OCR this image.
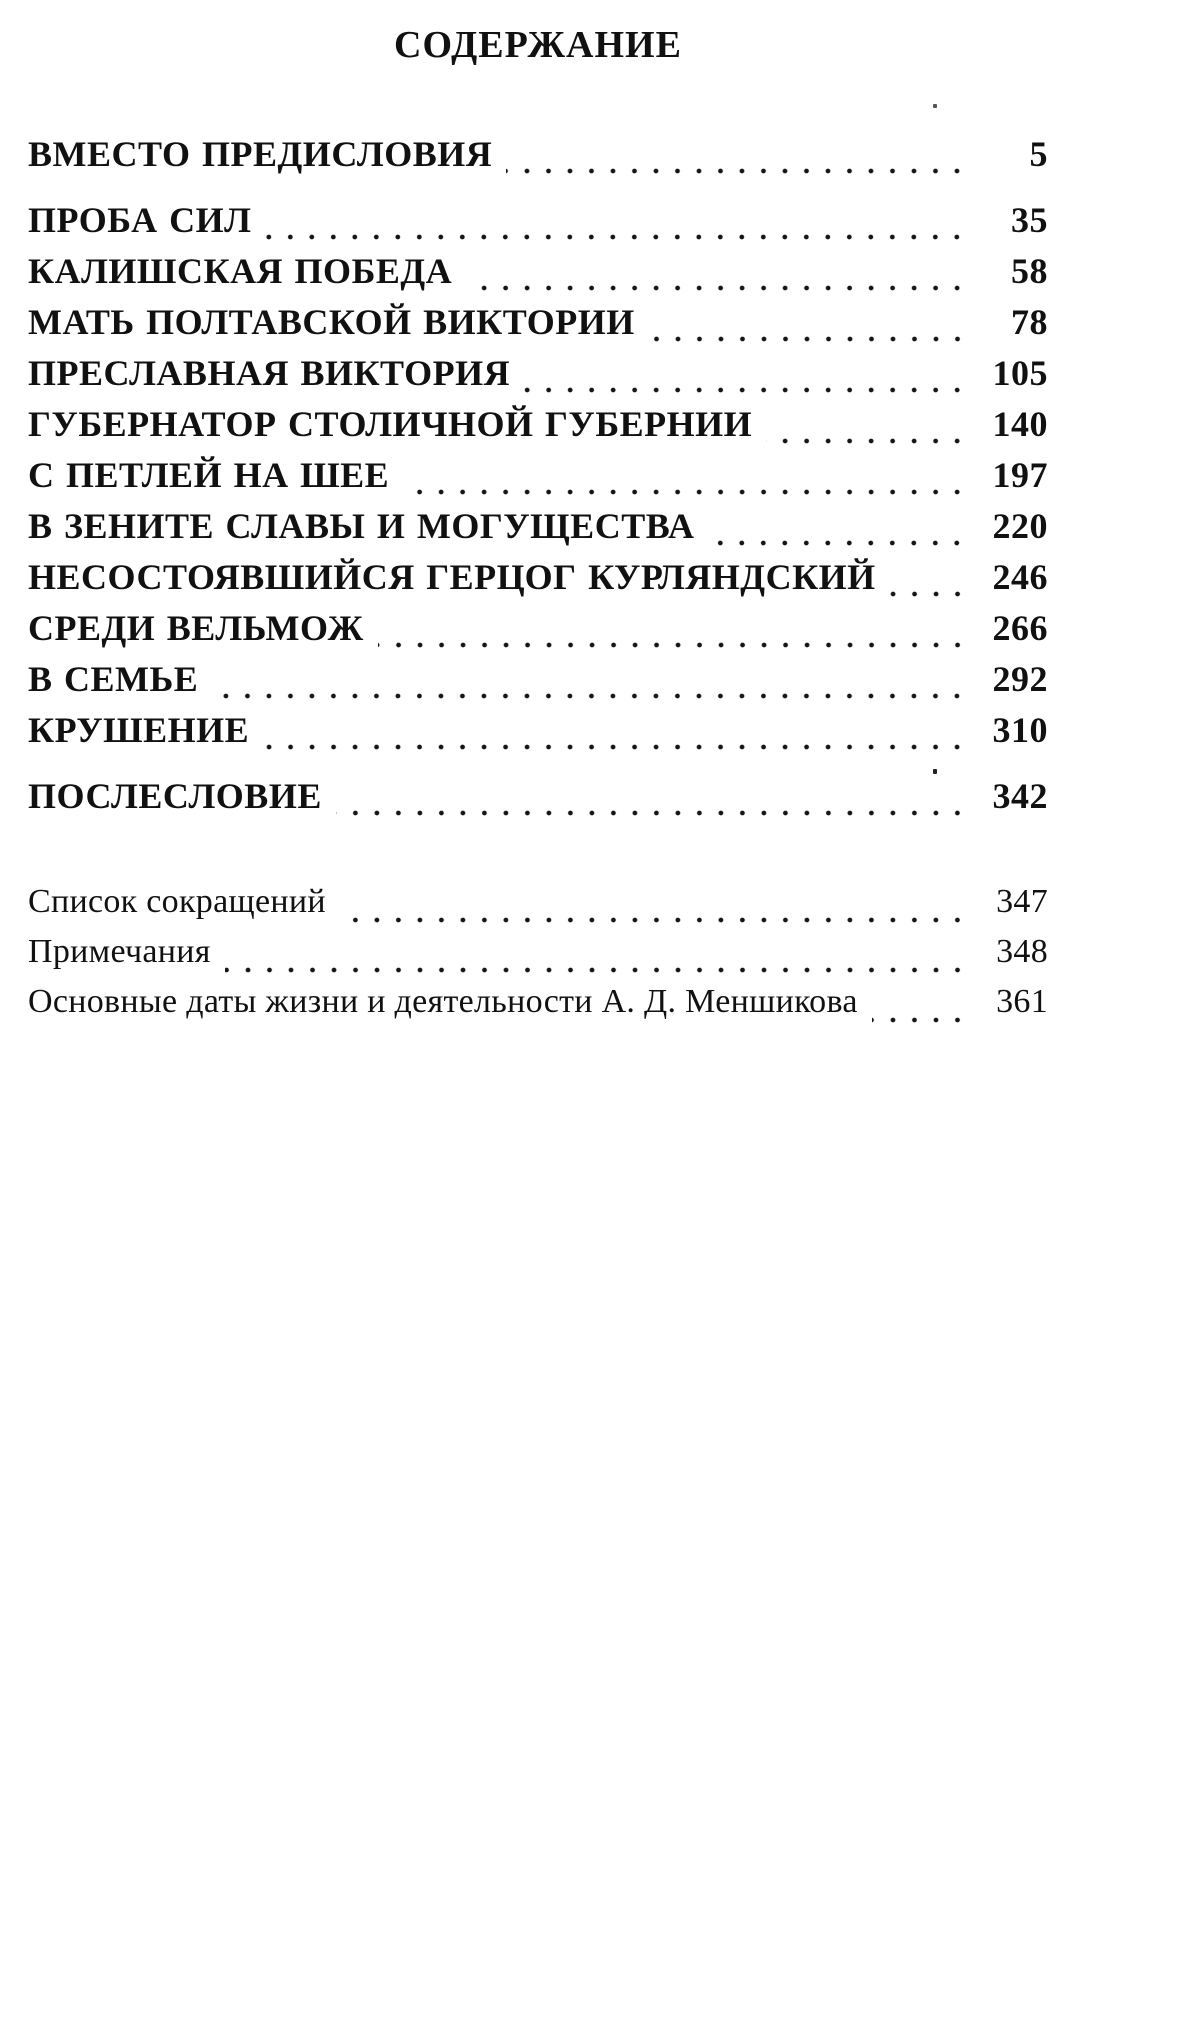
СОДЕРЖАНИЕ
ВМЕСТО ПРЕДИСЛОВИЯ	5
ПРОБА СИЛ	35
КАЛИШСКАЯ ПОБЕДА	58
МАТЬ ПОЛТАВСКОЙ ВИКТОРИИ	78
ПРЕСЛАВНАЯ ВИКТОРИЯ	105
ГУБЕРНАТОР СТОЛИЧНОЙ ГУБЕРНИИ	140
С ПЕТЛЕЙ НА ШЕЕ	197
В ЗЕНИТЕ СЛАВЫ И МОГУЩЕСТВА	220
НЕСОСТОЯВШИЙСЯ ГЕРЦОГ КУРЛЯНДСКИЙ	246
СРЕДИ ВЕЛЬМОЖ	266
В СЕМЬЕ	292
КРУШЕНИЕ	310
ПОСЛЕСЛОВИЕ	342
Список сокращений	347
Примечания	348
Основные даты жизни и деятельности А. Д. Меншикова	361
